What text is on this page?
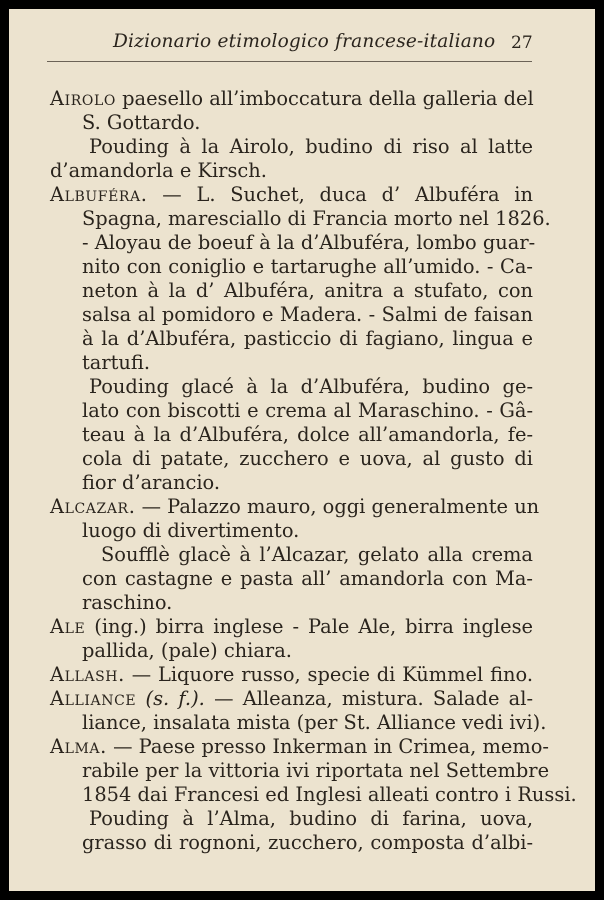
Dizionario etimologico francese-italiano 27
Airolo paesello all’imboccatura della galleria del
S. Gottardo.
Pouding à la Airolo, budino di riso al latte
d’amandorla e Kirsch.
Albuféra. — L. Suchet, duca d’ Albuféra in
Spagna, maresciallo di Francia morto nel 1826.
- Aloyau de boeuf à la d’Albuféra, lombo guar-
nito con coniglio e tartarughe all’umido. - Ca-
neton à la d’ Albuféra, anitra a stufato, con
salsa al pomidoro e Madera. - Salmi de faisan
à la d’Albuféra, pasticcio di fagiano, lingua e
tartufi.
Pouding glacé à la d’Albuféra, budino ge-
lato con biscotti e crema al Maraschino. - Gâ-
teau à la d’Albuféra, dolce all’amandorla, fe-
cola di patate, zucchero e uova, al gusto di
fior d’arancio.
Alcazar. — Palazzo mauro, oggi generalmente un
luogo di divertimento.
Soufflè glacè à l’Alcazar, gelato alla crema
con castagne e pasta all’ amandorla con Ma-
raschino.
Ale (ing.) birra inglese - Pale Ale, birra inglese
pallida, (pale) chiara.
Allash. — Liquore russo, specie di Kümmel fino.
Alliance (s. f.). — Alleanza, mistura. Salade al-
liance, insalata mista (per St. Alliance vedi ivi).
Alma. — Paese presso Inkerman in Crimea, memo-
rabile per la vittoria ivi riportata nel Settembre
1854 dai Francesi ed Inglesi alleati contro i Russi.
Pouding à l’Alma, budino di farina, uova,
grasso di rognoni, zucchero, composta d’albi-
